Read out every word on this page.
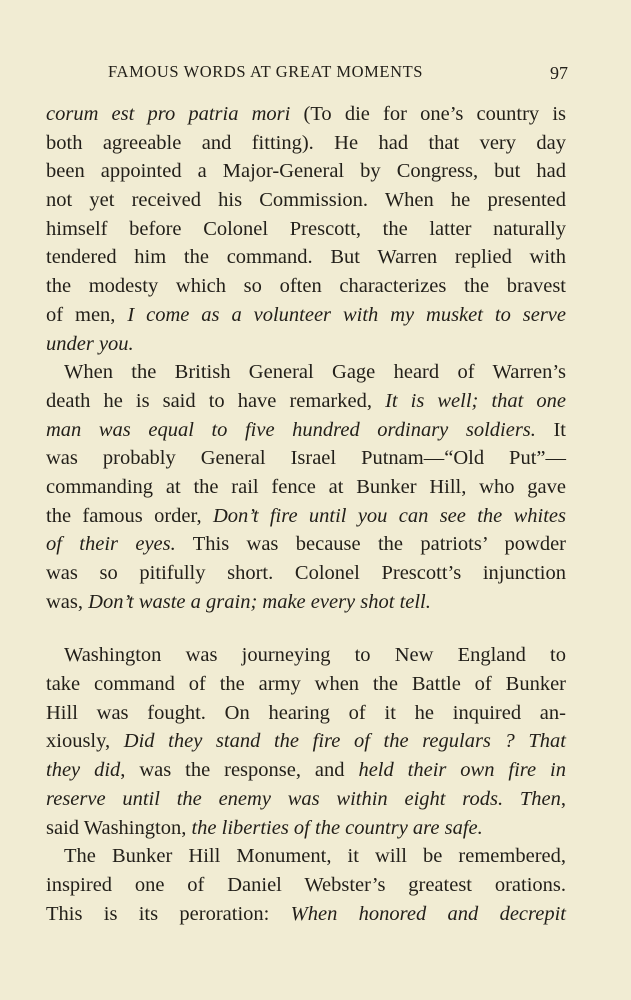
FAMOUS WORDS AT GREAT MOMENTS	97
corum est pro patria mori (To die for one’s country is
both agreeable and fitting). He had that very day
been appointed a Major-General by Congress, but had
not yet received his Commission. When he presented
himself before Colonel Prescott, the latter naturally
tendered him the command. But Warren replied with
the modesty which so often characterizes the bravest
of men, I come as a volunteer with my musket to serve
under you.
When the British General Gage heard of Warren’s
death he is said to have remarked, It is well; that one
man was equal to five hundred ordinary soldiers. It
was probably General Israel Putnam—“Old Put”—
commanding at the rail fence at Bunker Hill, who gave
the famous order, Don’t fire until you can see the whites
of their eyes. This was because the patriots’ powder
was so pitifully short. Colonel Prescott’s injunction
was, Don’t waste a grain; make every shot tell.
Washington was journeying to New England to
take command of the army when the Battle of Bunker
Hill was fought. On hearing of it he inquired an-
xiously, Did they stand the fire of the regulars ? That
they did, was the response, and held their own fire in
reserve until the enemy was within eight rods. Then,
said Washington, the liberties of the country are safe.
The Bunker Hill Monument, it will be remembered,
inspired one of Daniel Webster’s greatest orations.
This is its peroration: When honored and decrepit
